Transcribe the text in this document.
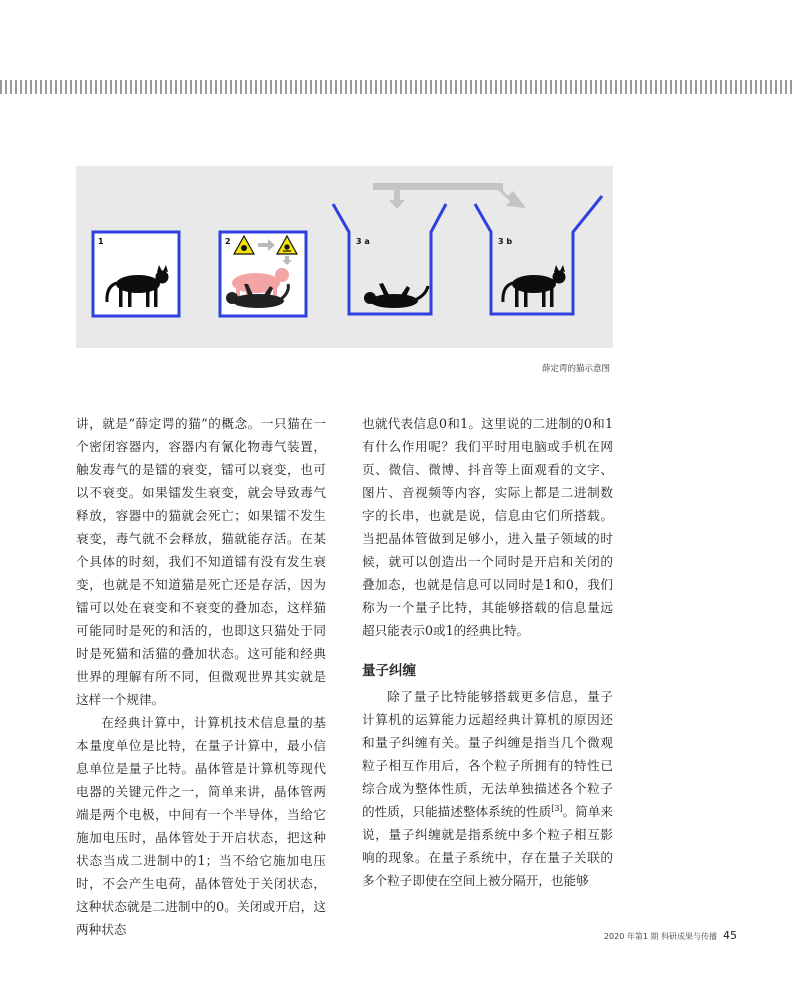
1	2	3 a	3 b
薛定谔的猫示意图

讲，就是“薛定谔的猫”的概念。一只猫在一个密闭容器内，容器内有氰化物毒气装置，触发毒气的是镭的衰变，镭可以衰变，也可以不衰变。如果镭发生衰变，就会导致毒气释放，容器中的猫就会死亡；如果镭不发生衰变，毒气就不会释放，猫就能存活。在某个具体的时刻，我们不知道镭有没有发生衰变，也就是不知道猫是死亡还是存活，因为镭可以处在衰变和不衰变的叠加态，这样猫可能同时是死的和活的，也即这只猫处于同时是死猫和活猫的叠加状态。这可能和经典世界的理解有所不同，但微观世界其实就是这样一个规律。

在经典计算中，计算机技术信息量的基本量度单位是比特，在量子计算中，最小信息单位是量子比特。晶体管是计算机等现代电器的关键元件之一，简单来讲，晶体管两端是两个电极，中间有一个半导体，当给它施加电压时，晶体管处于开启状态，把这种状态当成二进制中的1；当不给它施加电压时，不会产生电荷，晶体管处于关闭状态，这种状态就是二进制中的0。关闭或开启，这两种状态

也就代表信息0和1。这里说的二进制的0和1有什么作用呢？我们平时用电脑或手机在网页、微信、微博、抖音等上面观看的文字、图片、音视频等内容，实际上都是二进制数字的长串，也就是说，信息由它们所搭载。当把晶体管做到足够小，进入量子领域的时候，就可以创造出一个同时是开启和关闭的叠加态，也就是信息可以同时是1和0，我们称为一个量子比特，其能够搭载的信息量远超只能表示0或1的经典比特。

量子纠缠

除了量子比特能够搭载更多信息，量子计算机的运算能力远超经典计算机的原因还和量子纠缠有关。量子纠缠是指当几个微观粒子相互作用后，各个粒子所拥有的特性已综合成为整体性质，无法单独描述各个粒子的性质，只能描述整体系统的性质[3]。简单来说，量子纠缠就是指系统中多个粒子相互影响的现象。在量子系统中，存在量子关联的多个粒子即使在空间上被分隔开，也能够

2020 年第1 期 科研成果与传播 45
